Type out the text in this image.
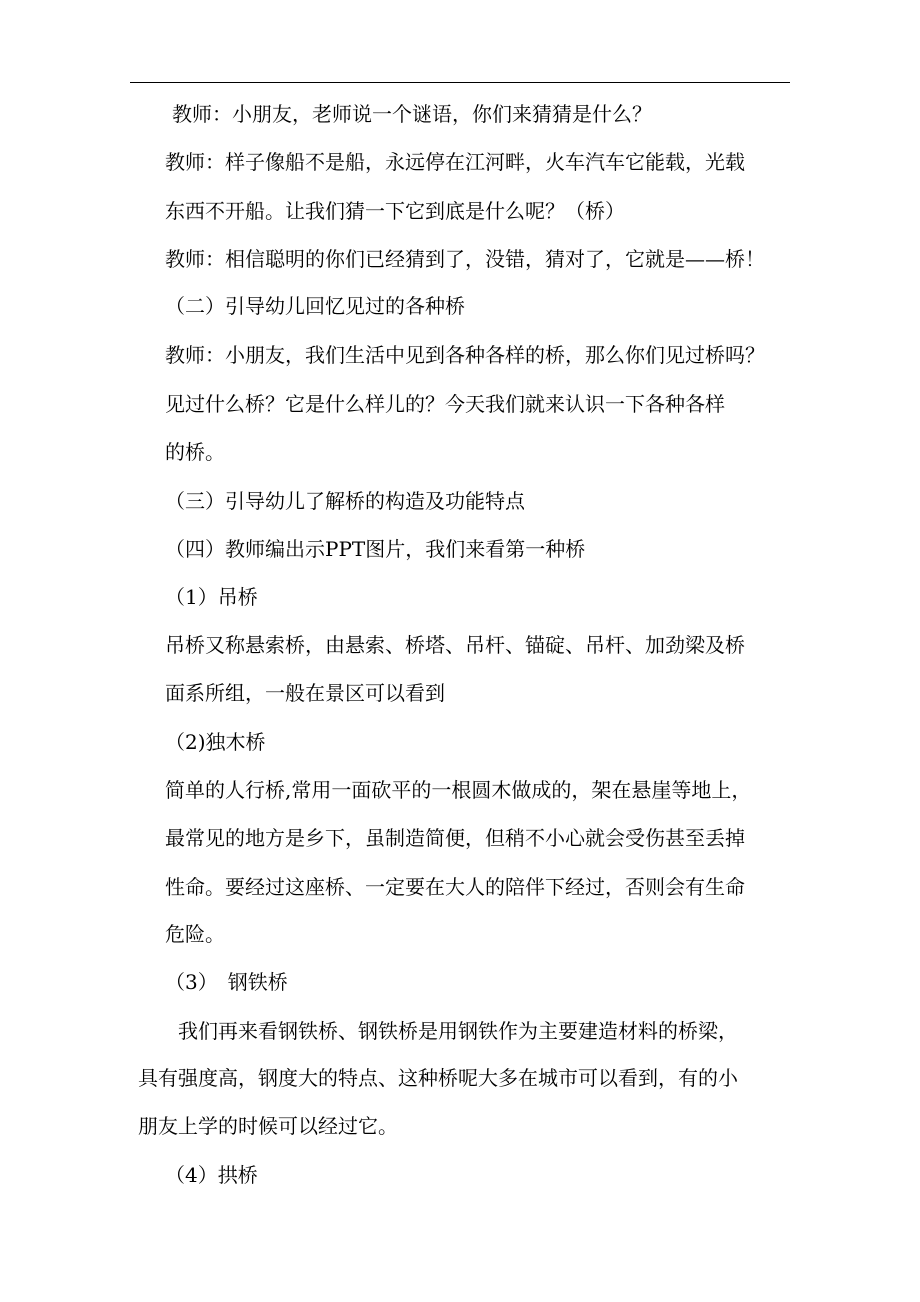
教师：小朋友，老师说一个谜语，你们来猜猜是什么？
教师：样子像船不是船，永远停在江河畔，火车汽车它能载，光载
东西不开船。让我们猜一下它到底是什么呢？（桥）
教师：相信聪明的你们已经猜到了，没错，猜对了，它就是——桥！
（二）引导幼儿回忆见过的各种桥
教师：小朋友，我们生活中见到各种各样的桥，那么你们见过桥吗？
见过什么桥？它是什么样儿的？今天我们就来认识一下各种各样
的桥。
（三）引导幼儿了解桥的构造及功能特点
（四）教师编出示PPT图片，我们来看第一种桥
（1）吊桥
吊桥又称悬索桥，由悬索、桥塔、吊杆、锚碇、吊杆、加劲梁及桥
面系所组，一般在景区可以看到
（2)独木桥
简单的人行桥,常用一面砍平的一根圆木做成的，架在悬崖等地上，
最常见的地方是乡下，虽制造简便，但稍不小心就会受伤甚至丢掉
性命。要经过这座桥、一定要在大人的陪伴下经过，否则会有生命
危险。
（3）　钢铁桥
我们再来看钢铁桥、钢铁桥是用钢铁作为主要建造材料的桥梁，
具有强度高，钢度大的特点、这种桥呢大多在城市可以看到，有的小
朋友上学的时候可以经过它。
（4）拱桥
